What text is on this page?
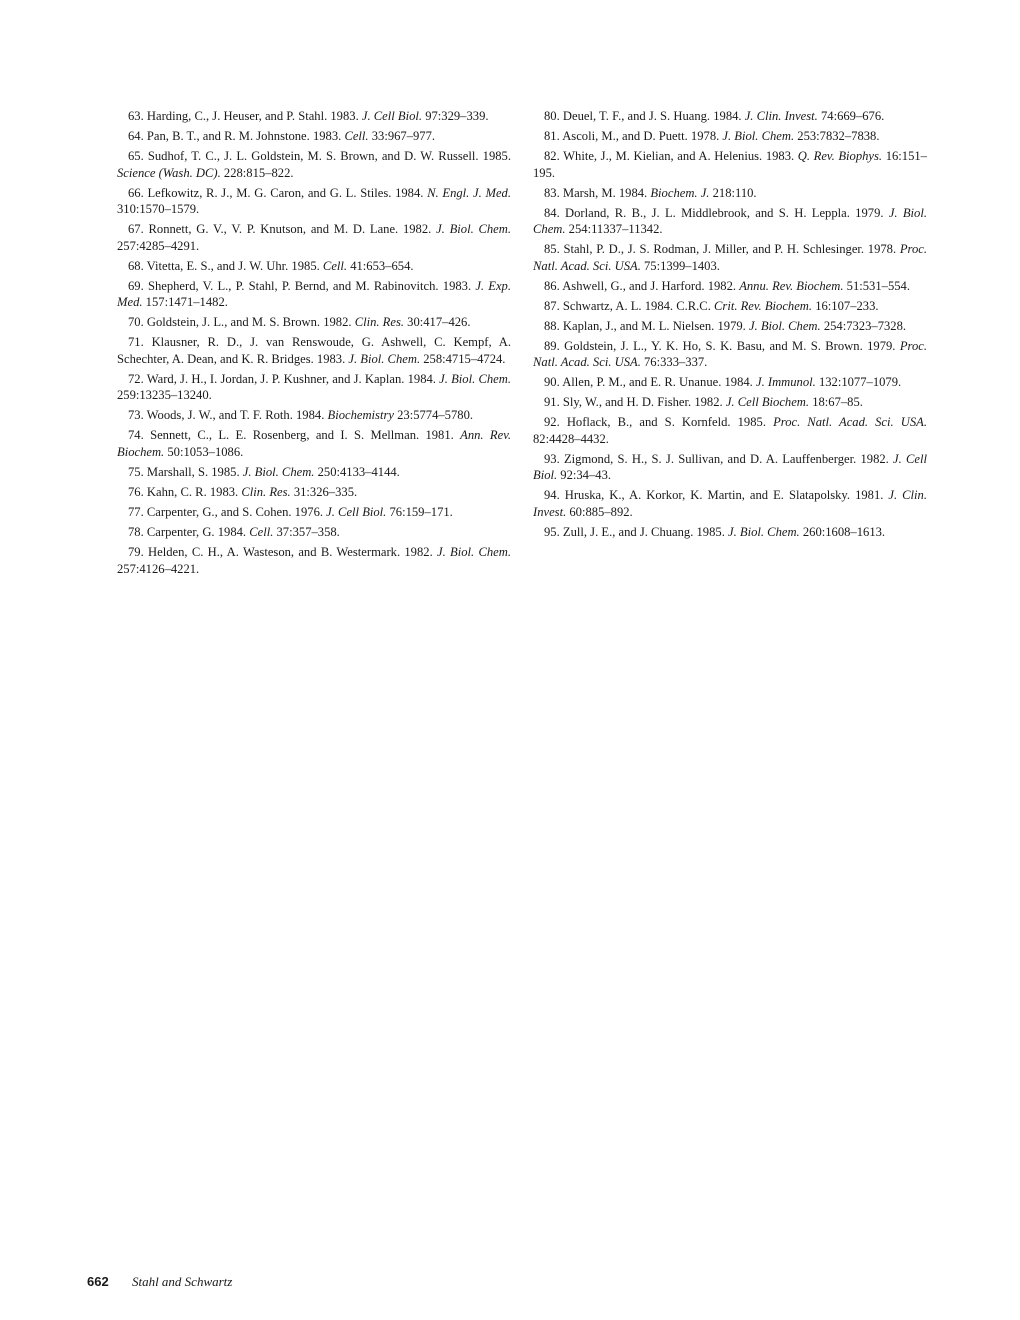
63. Harding, C., J. Heuser, and P. Stahl. 1983. J. Cell Biol. 97:329–339.

64. Pan, B. T., and R. M. Johnstone. 1983. Cell. 33:967–977.

65. Sudhof, T. C., J. L. Goldstein, M. S. Brown, and D. W. Russell. 1985. Science (Wash. DC). 228:815–822.

66. Lefkowitz, R. J., M. G. Caron, and G. L. Stiles. 1984. N. Engl. J. Med. 310:1570–1579.

67. Ronnett, G. V., V. P. Knutson, and M. D. Lane. 1982. J. Biol. Chem. 257:4285–4291.

68. Vitetta, E. S., and J. W. Uhr. 1985. Cell. 41:653–654.

69. Shepherd, V. L., P. Stahl, P. Bernd, and M. Rabinovitch. 1983. J. Exp. Med. 157:1471–1482.

70. Goldstein, J. L., and M. S. Brown. 1982. Clin. Res. 30:417–426.

71. Klausner, R. D., J. van Renswoude, G. Ashwell, C. Kempf, A. Schechter, A. Dean, and K. R. Bridges. 1983. J. Biol. Chem. 258:4715–4724.

72. Ward, J. H., I. Jordan, J. P. Kushner, and J. Kaplan. 1984. J. Biol. Chem. 259:13235–13240.

73. Woods, J. W., and T. F. Roth. 1984. Biochemistry 23:5774–5780.

74. Sennett, C., L. E. Rosenberg, and I. S. Mellman. 1981. Ann. Rev. Biochem. 50:1053–1086.

75. Marshall, S. 1985. J. Biol. Chem. 250:4133–4144.

76. Kahn, C. R. 1983. Clin. Res. 31:326–335.

77. Carpenter, G., and S. Cohen. 1976. J. Cell Biol. 76:159–171.

78. Carpenter, G. 1984. Cell. 37:357–358.

79. Helden, C. H., A. Wasteson, and B. Westermark. 1982. J. Biol. Chem. 257:4126–4221.

80. Deuel, T. F., and J. S. Huang. 1984. J. Clin. Invest. 74:669–676.

81. Ascoli, M., and D. Puett. 1978. J. Biol. Chem. 253:7832–7838.

82. White, J., M. Kielian, and A. Helenius. 1983. Q. Rev. Biophys. 16:151–195.

83. Marsh, M. 1984. Biochem. J. 218:110.

84. Dorland, R. B., J. L. Middlebrook, and S. H. Leppla. 1979. J. Biol. Chem. 254:11337–11342.

85. Stahl, P. D., J. S. Rodman, J. Miller, and P. H. Schlesinger. 1978. Proc. Natl. Acad. Sci. USA. 75:1399–1403.

86. Ashwell, G., and J. Harford. 1982. Annu. Rev. Biochem. 51:531–554.

87. Schwartz, A. L. 1984. C.R.C. Crit. Rev. Biochem. 16:107–233.

88. Kaplan, J., and M. L. Nielsen. 1979. J. Biol. Chem. 254:7323–7328.

89. Goldstein, J. L., Y. K. Ho, S. K. Basu, and M. S. Brown. 1979. Proc. Natl. Acad. Sci. USA. 76:333–337.

90. Allen, P. M., and E. R. Unanue. 1984. J. Immunol. 132:1077–1079.

91. Sly, W., and H. D. Fisher. 1982. J. Cell Biochem. 18:67–85.

92. Hoflack, B., and S. Kornfeld. 1985. Proc. Natl. Acad. Sci. USA. 82:4428–4432.

93. Zigmond, S. H., S. J. Sullivan, and D. A. Lauffenberger. 1982. J. Cell Biol. 92:34–43.

94. Hruska, K., A. Korkor, K. Martin, and E. Slatapolsky. 1981. J. Clin. Invest. 60:885–892.

95. Zull, J. E., and J. Chuang. 1985. J. Biol. Chem. 260:1608–1613.

662 Stahl and Schwartz
